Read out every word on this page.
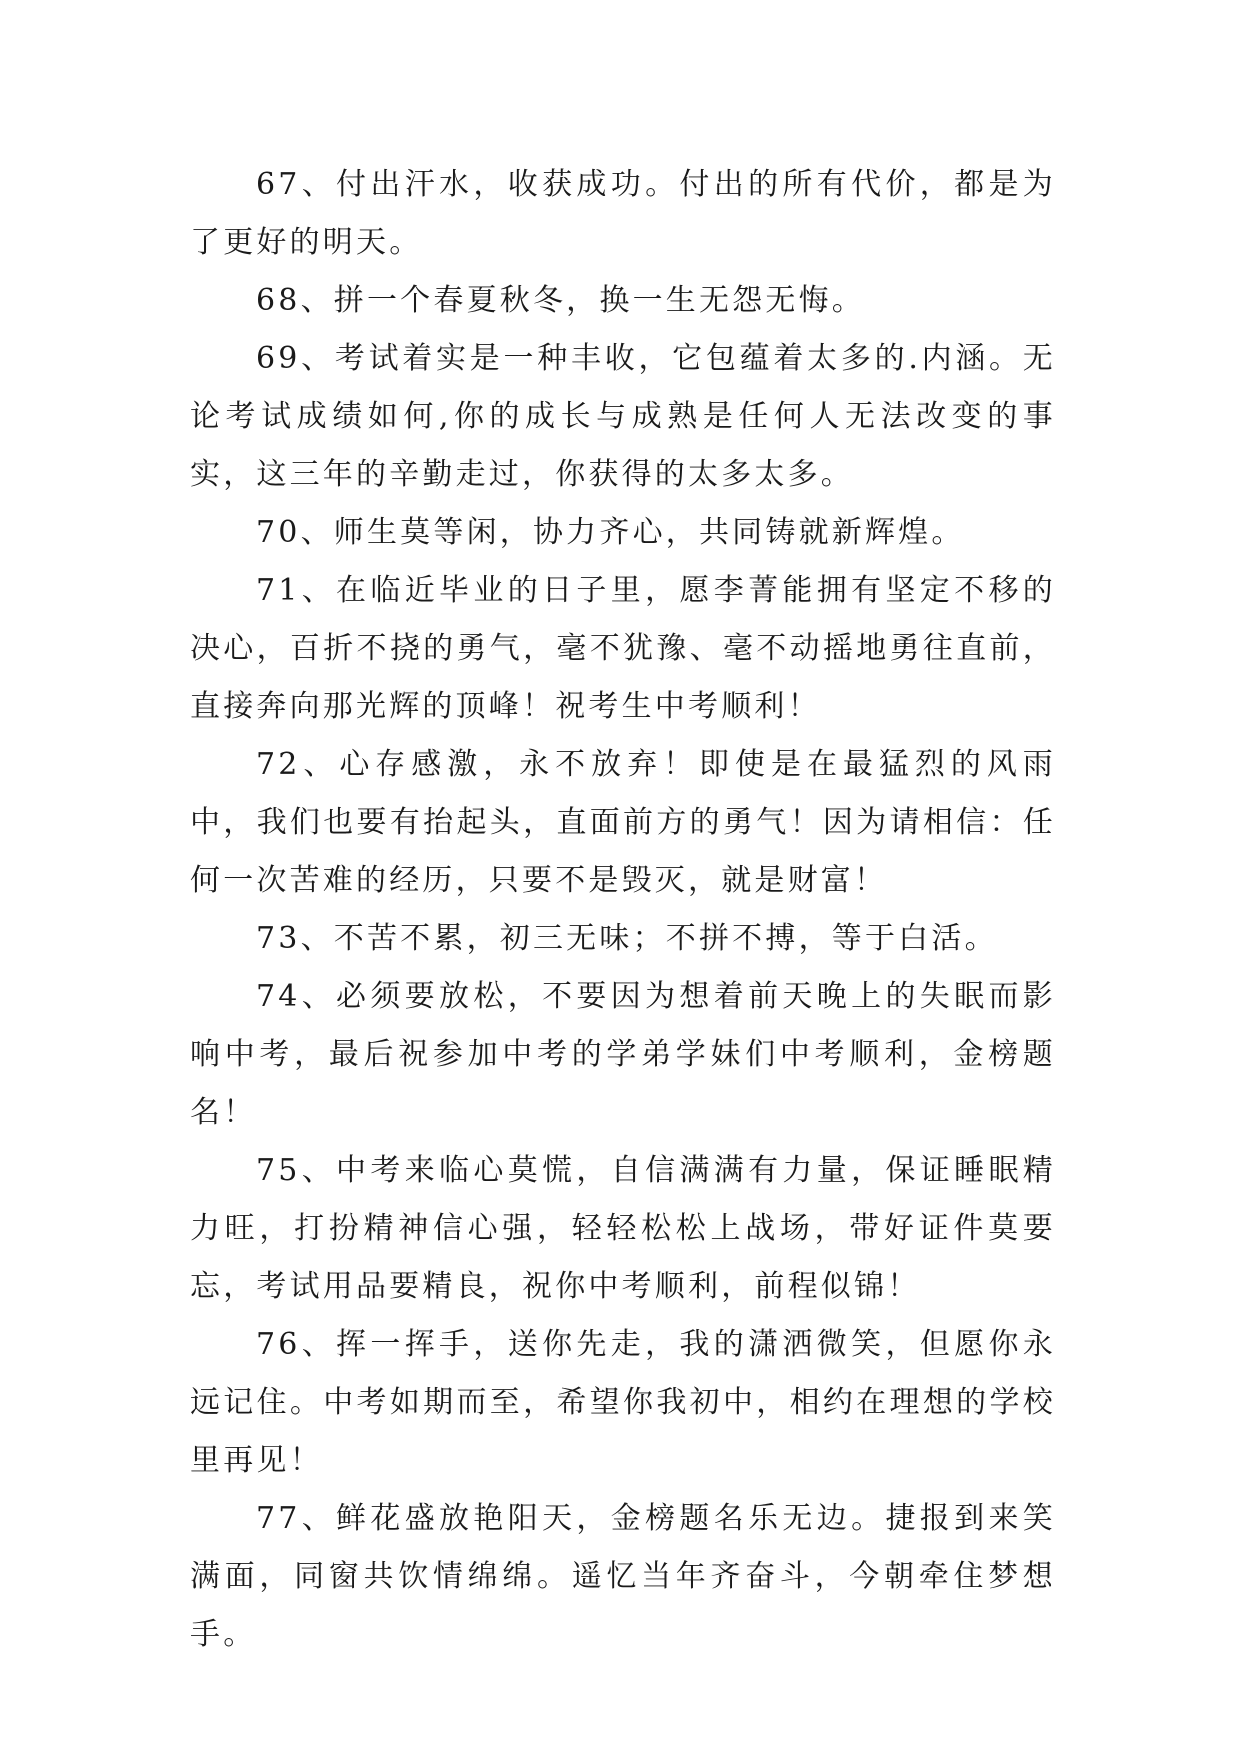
67、付出汗水，收获成功。付出的所有代价，都是为了更好的明天。

68、拼一个春夏秋冬，换一生无怨无悔。

69、考试着实是一种丰收，它包蕴着太多的.内涵。无论考试成绩如何,你的成长与成熟是任何人无法改变的事实，这三年的辛勤走过，你获得的太多太多。

70、师生莫等闲，协力齐心，共同铸就新辉煌。

71、在临近毕业的日子里，愿李菁能拥有坚定不移的决心，百折不挠的勇气，毫不犹豫、毫不动摇地勇往直前，直接奔向那光辉的顶峰！祝考生中考顺利！

72、心存感激，永不放弃！即使是在最猛烈的风雨中，我们也要有抬起头，直面前方的勇气！因为请相信：任何一次苦难的经历，只要不是毁灭，就是财富！

73、不苦不累，初三无味；不拼不搏，等于白活。

74、必须要放松，不要因为想着前天晚上的失眠而影响中考，最后祝参加中考的学弟学妹们中考顺利，金榜题名！

75、中考来临心莫慌，自信满满有力量，保证睡眠精力旺，打扮精神信心强，轻轻松松上战场，带好证件莫要忘，考试用品要精良，祝你中考顺利，前程似锦！

76、挥一挥手，送你先走，我的潇洒微笑，但愿你永远记住。中考如期而至，希望你我初中，相约在理想的学校里再见！

77、鲜花盛放艳阳天，金榜题名乐无边。捷报到来笑满面，同窗共饮情绵绵。遥忆当年齐奋斗，今朝牵住梦想手。
